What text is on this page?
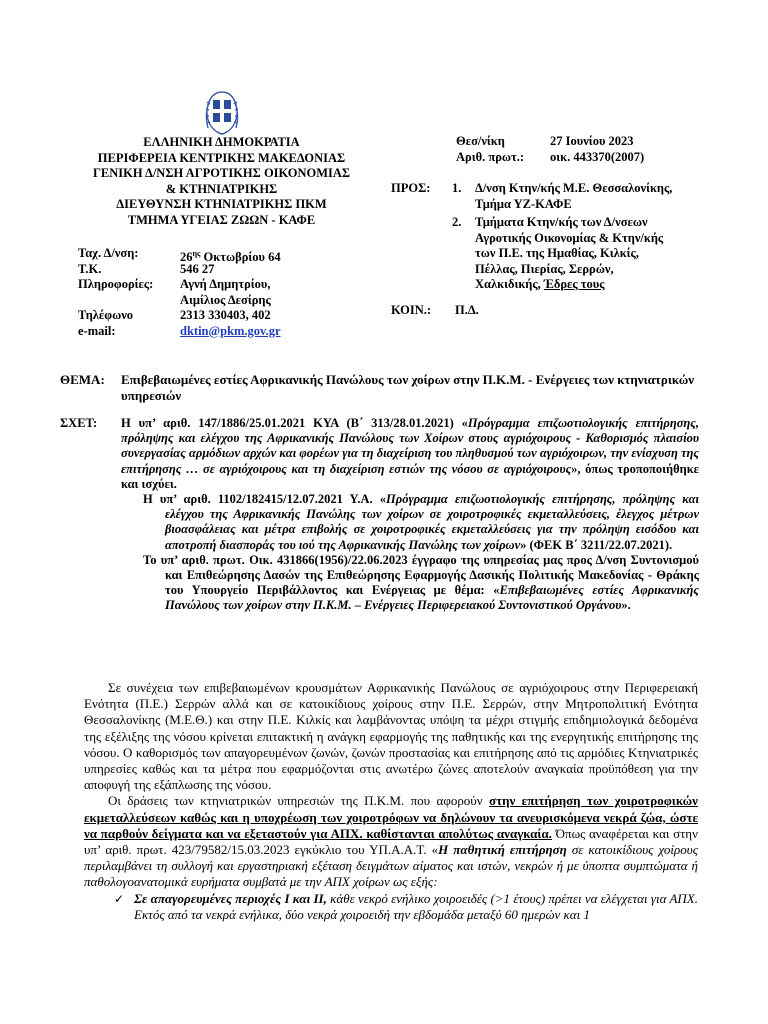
ΕΛΛΗΝΙΚΗ ΔΗΜΟΚΡΑΤΙΑ
ΠΕΡΙΦΕΡΕΙΑ ΚΕΝΤΡΙΚΗΣ ΜΑΚΕΔΟΝΙΑΣ
ΓΕΝΙΚΗ Δ/ΝΣΗ ΑΓΡΟΤΙΚΗΣ ΟΙΚΟΝΟΜΙΑΣ
& ΚΤΗΝΙΑΤΡΙΚΗΣ
ΔΙΕΥΘΥΝΣΗ ΚΤΗΝΙΑΤΡΙΚΗΣ ΠΚΜ
ΤΜΗΜΑ ΥΓΕΙΑΣ ΖΩΩΝ - ΚΑΦΕ
Ταχ. Δ/νση:	$26^{\eta\varsigma}$ Οκτωβρίου 64
Τ.Κ.	546 27
Πληροφορίες: Αγνή Δημητρίου,
Αιμίλιος Δεσίρης
Τηλέφωνο	2313 330403, 402
e-mail:	dktin@pkm.gov.gr
Θεσ/νίκη	27 Ιουνίου 2023
Αριθ. πρωτ.: οικ. 443370(2007)
ΠΡΟΣ: 1. Δ/νση Κτην/κής Μ.Ε. Θεσσαλονίκης,
Τμήμα ΥΖ-ΚΑΦΕ
2. Τμήματα Κτην/κής των Δ/νσεων
Αγροτικής Οικονομίας & Κτην/κής
των Π.Ε. της Ημαθίας, Κιλκίς,
Πέλλας, Πιερίας, Σερρών,
Χαλκιδικής, Έδρες τους
ΚΟΙΝ.: Π.Δ.
ΘΕΜΑ: Επιβεβαιωμένες εστίες Αφρικανικής Πανώλους των χοίρων στην Π.Κ.Μ. - Ενέργειες των κτηνιατρικών υπηρεσιών
ΣΧΕΤ: Η υπ’ αριθ. 147/1886/25.01.2021 ΚΥΑ (Β΄ 313/28.01.2021) «Πρόγραμμα επιζωοτιολογικής επιτήρησης, πρόληψης και ελέγχου της Αφρικανικής Πανώλους των Χοίρων στους αγριόχοιρους - Καθορισμός πλαισίου συνεργασίας αρμόδιων αρχών και φορέων για τη διαχείριση του πληθυσμού των αγριόχοιρων, την ενίσχυση της επιτήρησης … σε αγριόχοιρους και τη διαχείριση εστιών της νόσου σε αγριόχοιρους», όπως τροποποιήθηκε και ισχύει.
Η υπ’ αριθ. 1102/182415/12.07.2021 Υ.Α. «Πρόγραμμα επιζωοτιολογικής επιτήρησης, πρόληψης και ελέγχου της Αφρικανικής Πανώλης των χοίρων σε χοιροτροφικές εκμεταλλεύσεις, έλεγχος μέτρων βιοασφάλειας και μέτρα επιβολής σε χοιροτροφικές εκμεταλλεύσεις για την πρόληψη εισόδου και αποτροπή διασποράς του ιού της Αφρικανικής Πανώλης των χοίρων» (ΦΕΚ Β΄ 3211/22.07.2021).
Το υπ’ αριθ. πρωτ. Οικ. 431866(1956)/22.06.2023 έγγραφο της υπηρεσίας μας προς Δ/νση Συντονισμού και Επιθεώρησης Δασών της Επιθεώρησης Εφαρμογής Δασικής Πολιτικής Μακεδονίας - Θράκης του Υπουργείο Περιβάλλοντος και Ενέργειας με θέμα: «Επιβεβαιωμένες εστίες Αφρικανικής Πανώλους των χοίρων στην Π.Κ.Μ. – Ενέργειες Περιφερειακού Συντονιστικού Οργάνου».

Σε συνέχεια των επιβεβαιωμένων κρουσμάτων Αφρικανικής Πανώλους σε αγριόχοιρους στην Περιφερειακή Ενότητα (Π.Ε.) Σερρών αλλά και σε κατοικίδιους χοίρους στην Π.Ε. Σερρών, στην Μητροπολιτική Ενότητα Θεσσαλονίκης (Μ.Ε.Θ.) και στην Π.Ε. Κιλκίς και λαμβάνοντας υπόψη τα μέχρι στιγμής επιδημιολογικά δεδομένα της εξέλιξης της νόσου κρίνεται επιτακτική η ανάγκη εφαρμογής της παθητικής και της ενεργητικής επιτήρησης της νόσου. Ο καθορισμός των απαγορευμένων ζωνών, ζωνών προστασίας και επιτήρησης από τις αρμόδιες Κτηνιατρικές υπηρεσίες καθώς και τα μέτρα που εφαρμόζονται στις ανωτέρω ζώνες αποτελούν αναγκαία προϋπόθεση για την αποφυγή της εξάπλωσης της νόσου.

Οι δράσεις των κτηνιατρικών υπηρεσιών της Π.Κ.Μ. που αφορούν στην επιτήρηση των χοιροτροφικών εκμεταλλεύσεων καθώς και η υποχρέωση των χοιροτρόφων να δηλώνουν τα ανευρισκόμενα νεκρά ζώα, ώστε να παρθούν δείγματα και να εξεταστούν για ΑΠΧ. καθίστανται απολύτως αναγκαία. Όπως αναφέρεται και στην υπ’ αριθ. πρωτ. 423/79582/15.03.2023 εγκύκλιο του ΥΠ.Α.Α.Τ. «Η παθητική επιτήρηση σε κατοικίδιους χοίρους περιλαμβάνει τη συλλογή και εργαστηριακή εξέταση δειγμάτων αίματος και ιστών, νεκρών ή με ύποπτα συμπτώματα ή παθολογοανατομικά ευρήματα συμβατά με την ΑΠΧ χοίρων ως εξής:

✓ Σε απαγορευμένες περιοχές Ι και ΙΙ, κάθε νεκρό ενήλικο χοιροειδές (>1 έτους) πρέπει να ελέγχεται για ΑΠΧ. Εκτός από τα νεκρά ενήλικα, δύο νεκρά χοιροειδή την εβδομάδα μεταξύ 60 ημερών και 1
